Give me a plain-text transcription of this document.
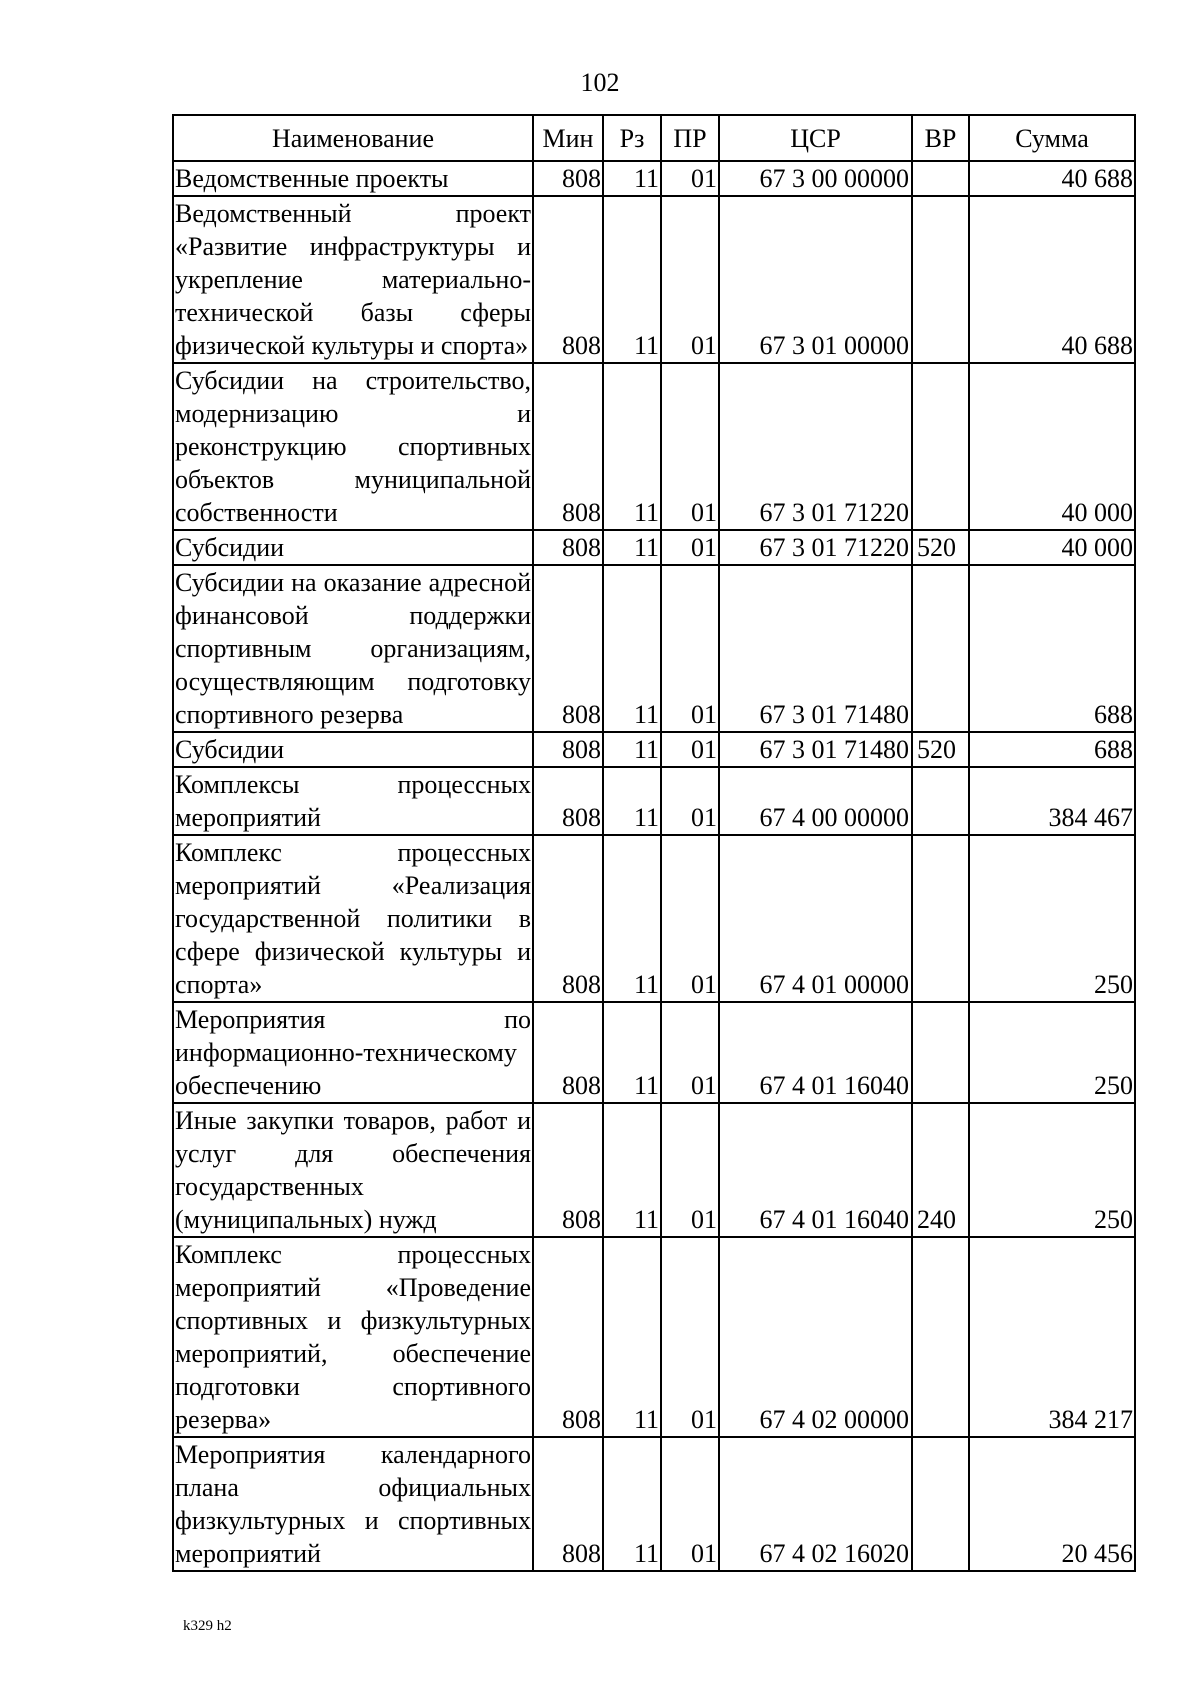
102
Наименование	Мин	Рз	ПР	ЦСР	ВР	Сумма
Ведомственные проекты	808	11	01	67 3 00 00000		40 688
Ведомственный проект «Развитие инфраструктуры и укрепление материально-технической базы сферы физической культуры и спорта»	808	11	01	67 3 01 00000		40 688
Субсидии на строительство, модернизацию и реконструкцию спортивных объектов муниципальной собственности	808	11	01	67 3 01 71220		40 000
Субсидии	808	11	01	67 3 01 71220	520	40 000
Субсидии на оказание адресной финансовой поддержки спортивным организациям, осуществляющим подготовку спортивного резерва	808	11	01	67 3 01 71480		688
Субсидии	808	11	01	67 3 01 71480	520	688
Комплексы процессных мероприятий	808	11	01	67 4 00 00000		384 467
Комплекс процессных мероприятий «Реализация государственной политики в сфере физической культуры и спорта»	808	11	01	67 4 01 00000		250
Мероприятия по информационно-техническому обеспечению	808	11	01	67 4 01 16040		250
Иные закупки товаров, работ и услуг для обеспечения государственных (муниципальных) нужд	808	11	01	67 4 01 16040	240	250
Комплекс процессных мероприятий «Проведение спортивных и физкультурных мероприятий, обеспечение подготовки спортивного резерва»	808	11	01	67 4 02 00000		384 217
Мероприятия календарного плана официальных физкультурных и спортивных мероприятий	808	11	01	67 4 02 16020		20 456
k329 h2
